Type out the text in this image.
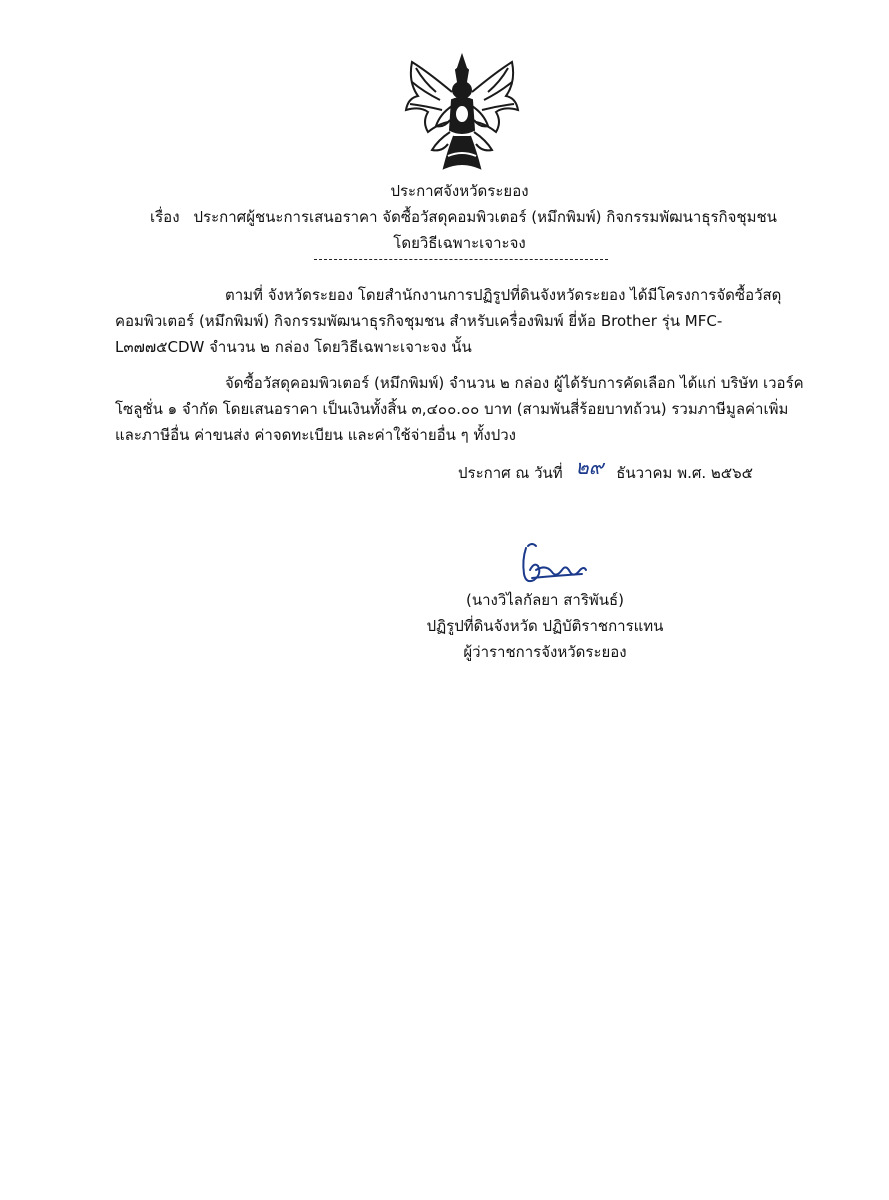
ประกาศจังหวัดระยอง
เรื่อง ประกาศผู้ชนะการเสนอราคา จัดซื้อวัสดุคอมพิวเตอร์ (หมึกพิมพ์) กิจกรรมพัฒนาธุรกิจชุมชน
โดยวิธีเฉพาะเจาะจง
ตามที่ จังหวัดระยอง โดยสำนักงานการปฏิรูปที่ดินจังหวัดระยอง ได้มีโครงการจัดซื้อวัสดุคอมพิวเตอร์ (หมึกพิมพ์) กิจกรรมพัฒนาธุรกิจชุมชน สำหรับเครื่องพิมพ์ ยี่ห้อ Brother รุ่น MFC-L๓๗๗๕CDW จำนวน ๒ กล่อง โดยวิธีเฉพาะเจาะจง นั้น
จัดซื้อวัสดุคอมพิวเตอร์ (หมึกพิมพ์) จำนวน ๒ กล่อง ผู้ได้รับการคัดเลือก ได้แก่ บริษัท เวอร์ค โซลูชั่น ๑ จำกัด โดยเสนอราคา เป็นเงินทั้งสิ้น ๓,๔๐๐.๐๐ บาท (สามพันสี่ร้อยบาทถ้วน) รวมภาษีมูลค่าเพิ่มและภาษีอื่น ค่าขนส่ง ค่าจดทะเบียน และค่าใช้จ่ายอื่น ๆ ทั้งปวง
ประกาศ ณ วันที่ ๒๙ ธันวาคม พ.ศ. ๒๕๖๕
(นางวิไลกัลยา สาริพันธ์)
ปฏิรูปที่ดินจังหวัด ปฏิบัติราชการแทน
ผู้ว่าราชการจังหวัดระยอง
